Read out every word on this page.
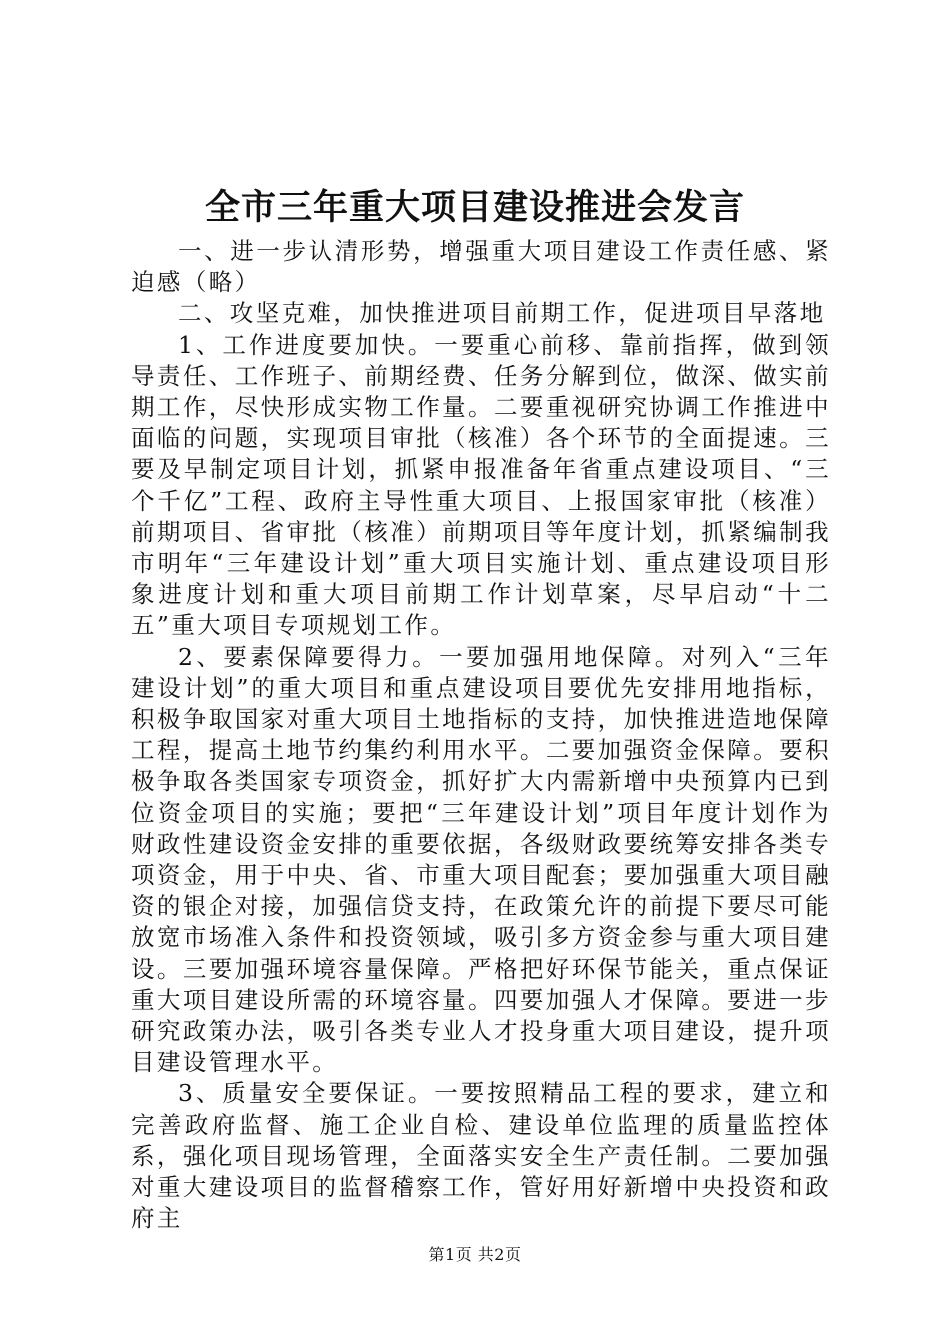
全市三年重大项目建设推进会发言

一、进一步认清形势，增强重大项目建设工作责任感、紧迫感（略）

二、攻坚克难，加快推进项目前期工作，促进项目早落地

1、工作进度要加快。一要重心前移、靠前指挥，做到领导责任、工作班子、前期经费、任务分解到位，做深、做实前期工作，尽快形成实物工作量。二要重视研究协调工作推进中面临的问题，实现项目审批（核准）各个环节的全面提速。三要及早制定项目计划，抓紧申报准备年省重点建设项目、“三个千亿”工程、政府主导性重大项目、上报国家审批（核准）前期项目、省审批（核准）前期项目等年度计划，抓紧编制我市明年“三年建设计划”重大项目实施计划、重点建设项目形象进度计划和重大项目前期工作计划草案，尽早启动“十二五”重大项目专项规划工作。

2、要素保障要得力。一要加强用地保障。对列入“三年建设计划”的重大项目和重点建设项目要优先安排用地指标，积极争取国家对重大项目土地指标的支持，加快推进造地保障工程，提高土地节约集约利用水平。二要加强资金保障。要积极争取各类国家专项资金，抓好扩大内需新增中央预算内已到位资金项目的实施；要把“三年建设计划”项目年度计划作为财政性建设资金安排的重要依据，各级财政要统筹安排各类专项资金，用于中央、省、市重大项目配套；要加强重大项目融资的银企对接，加强信贷支持，在政策允许的前提下要尽可能放宽市场准入条件和投资领域，吸引多方资金参与重大项目建设。三要加强环境容量保障。严格把好环保节能关，重点保证重大项目建设所需的环境容量。四要加强人才保障。要进一步研究政策办法，吸引各类专业人才投身重大项目建设，提升项目建设管理水平。

3、质量安全要保证。一要按照精品工程的要求，建立和完善政府监督、施工企业自检、建设单位监理的质量监控体系，强化项目现场管理，全面落实安全生产责任制。二要加强对重大建设项目的监督稽察工作，管好用好新增中央投资和政府主

第1页 共2页
